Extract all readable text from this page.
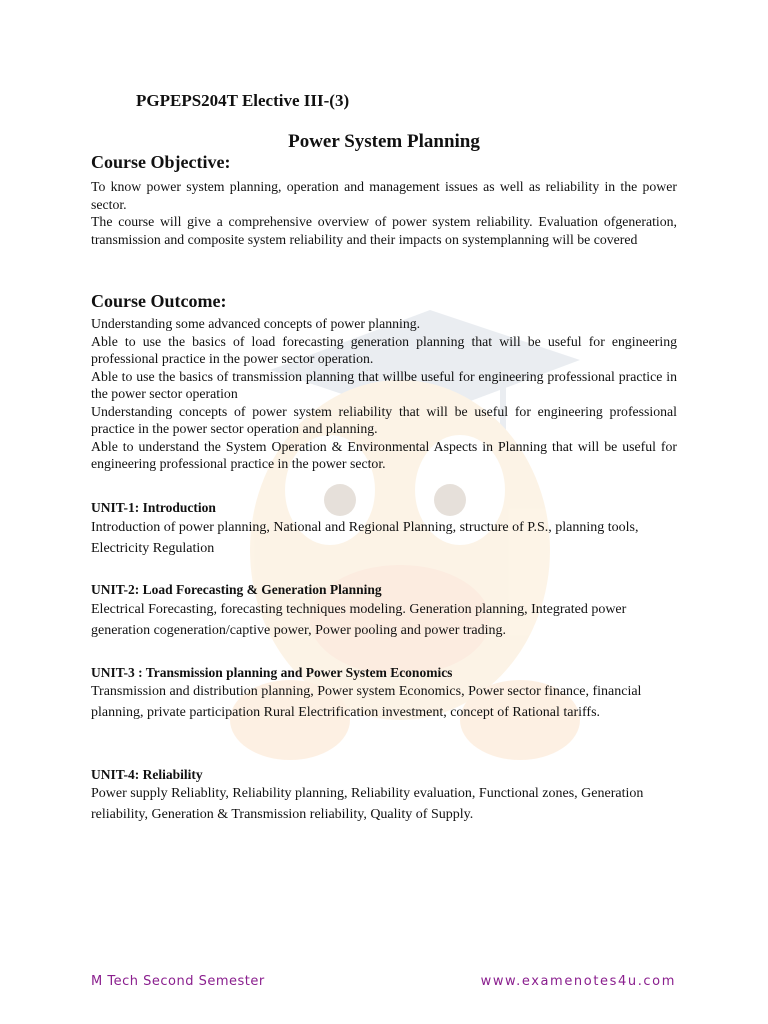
PGPEPS204T Elective III-(3)
Power System Planning
Course Objective:

To know power system planning, operation and management issues as well as reliability in the power sector.

The course will give a comprehensive overview of power system reliability. Evaluation ofgeneration, transmission and composite system reliability and their impacts on systemplanning will be covered

Course Outcome:

Understanding some advanced concepts of power planning.

Able to use the basics of load forecasting generation planning that will be useful for engineering professional practice in the power sector operation.

Able to use the basics of transmission planning that willbe useful for engineering professional practice in the power sector operation

Understanding concepts of power system reliability that will be useful for engineering professional practice in the power sector operation and planning.

Able to understand the System Operation & Environmental Aspects in Planning that will be useful for engineering professional practice in the power sector.

UNIT-1: Introduction
Introduction of power planning, National and Regional Planning, structure of P.S., planning tools, Electricity Regulation
UNIT-2: Load Forecasting & Generation Planning
Electrical Forecasting, forecasting techniques modeling. Generation planning, Integrated power generation cogeneration/captive power, Power pooling and power trading.
UNIT-3 : Transmission planning and Power System Economics
Transmission and distribution planning, Power system Economics, Power sector finance, financial planning, private participation Rural Electrification investment, concept of Rational tariffs.
UNIT-4: Reliability
Power supply Reliablity, Reliability planning, Reliability evaluation, Functional zones, Generation reliability, Generation & Transmission reliability, Quality of Supply.
M Tech Second Semester	www.examenotes4u.com
